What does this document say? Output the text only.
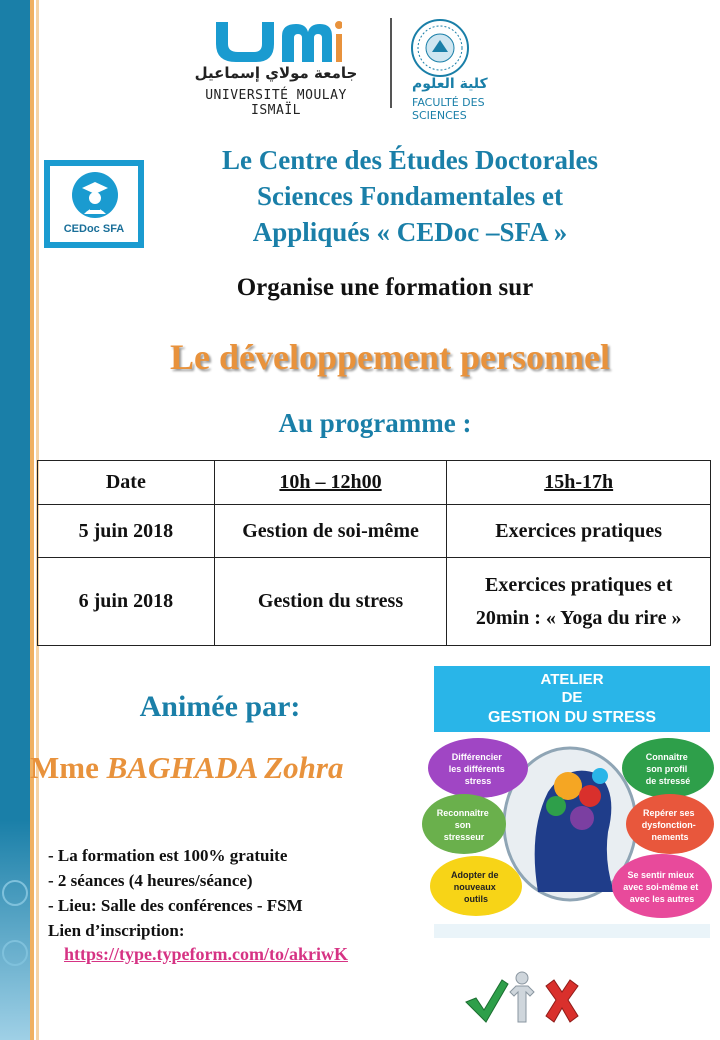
جامعة مولاي إسماعيل
UNIVERSITÉ MOULAY ISMAÏL
كلية العلوم
FACULTÉ DES SCIENCES
CEDoc SFA
Le Centre des Études Doctorales
Sciences Fondamentales et
Appliqués « CEDoc –SFA »
Organise une formation sur
Le développement personnel
Au programme :
Date	10h – 12h00	15h-17h
5 juin 2018	Gestion de soi-même	Exercices pratiques
6 juin 2018	Gestion du stress	Exercices pratiques et
20min : « Yoga du rire »
Animée par:
Mme BAGHADA Zohra
ATELIER
DE
GESTION DU STRESS
Différencier les différents stress
Connaître son profil de stressé
Reconnaître son stresseur
Repérer ses dysfonction- nements
Adopter de nouveaux outils
Se sentir mieux avec soi-même et avec les autres
- La formation est 100% gratuite
- 2 séances (4 heures/séance)
- Lieu: Salle des conférences - FSM
Lien d’inscription:
https://type.typeform.com/to/akriwK
